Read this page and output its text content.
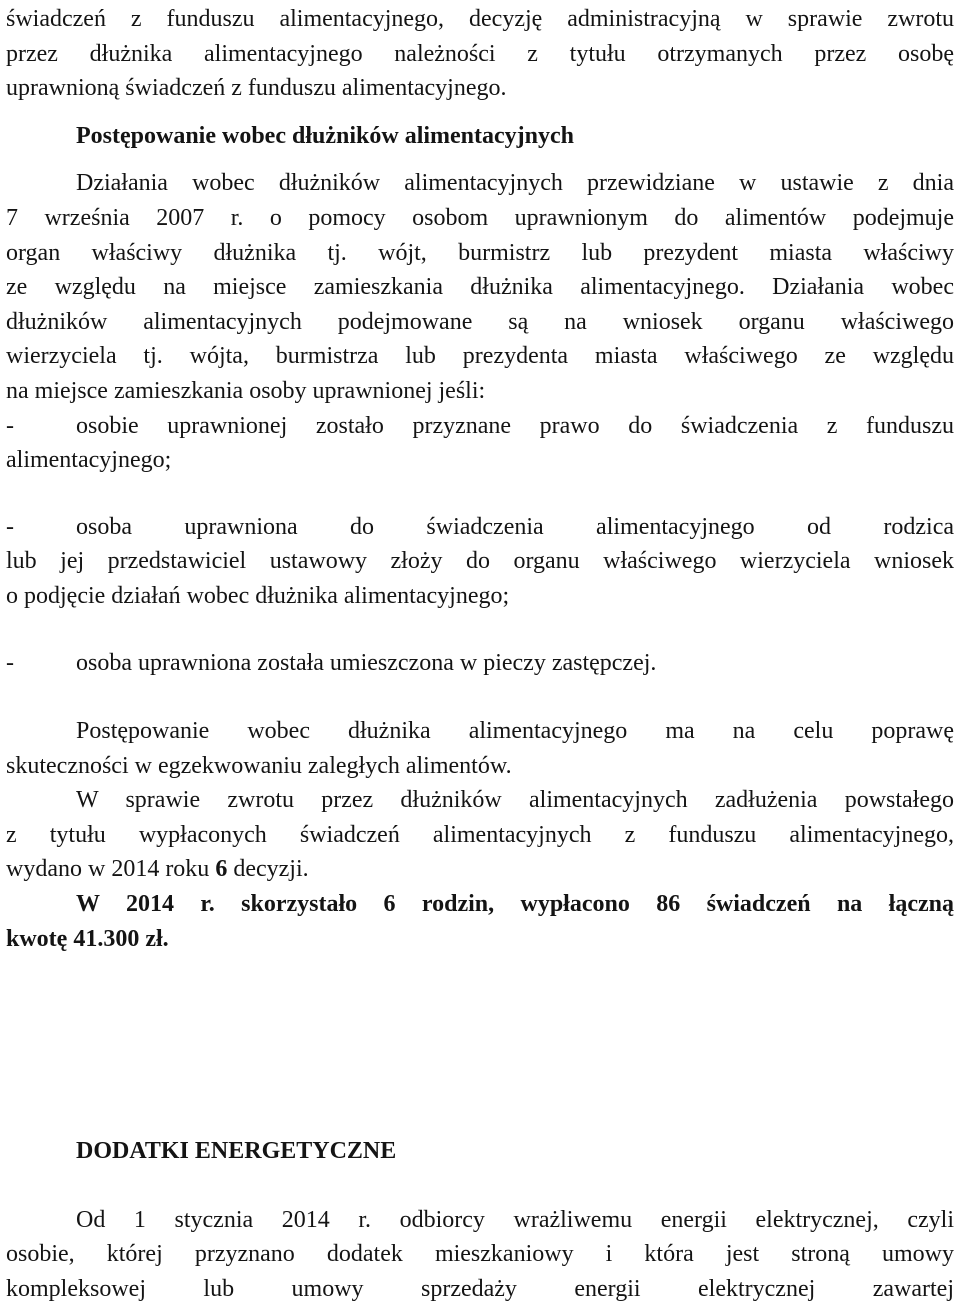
świadczeń z funduszu alimentacyjnego, decyzję administracyjną w sprawie zwrotu

przez dłużnika alimentacyjnego należności z tytułu otrzymanych przez osobę

uprawnioną świadczeń z funduszu alimentacyjnego.

Postępowanie wobec dłużników alimentacyjnych

Działania wobec dłużników alimentacyjnych przewidziane w ustawie z dnia

7 września 2007 r. o pomocy osobom uprawnionym do alimentów podejmuje

organ właściwy dłużnika tj. wójt, burmistrz lub prezydent miasta właściwy

ze względu na miejsce zamieszkania dłużnika alimentacyjnego. Działania wobec

dłużników alimentacyjnych podejmowane są na wniosek organu właściwego

wierzyciela tj. wójta, burmistrza lub prezydenta miasta właściwego ze względu

na miejsce zamieszkania osoby uprawnionej jeśli:

-	osobie uprawnionej zostało przyznane prawo do świadczenia z funduszu

alimentacyjnego;

-	osoba uprawniona do świadczenia alimentacyjnego od rodzica

lub jej przedstawiciel ustawowy złoży do organu właściwego wierzyciela wniosek

o podjęcie działań wobec dłużnika alimentacyjnego;

-	osoba uprawniona została umieszczona w pieczy zastępczej.

Postępowanie wobec dłużnika alimentacyjnego ma na celu poprawę

skuteczności w egzekwowaniu zaległych alimentów.

W sprawie zwrotu przez dłużników alimentacyjnych zadłużenia powstałego

z tytułu wypłaconych świadczeń alimentacyjnych z funduszu alimentacyjnego,

wydano w 2014 roku 6 decyzji.

W 2014 r. skorzystało 6 rodzin, wypłacono 86 świadczeń na łączną

kwotę 41.300 zł.

DODATKI ENERGETYCZNE

Od 1 stycznia 2014 r. odbiorcy wrażliwemu energii elektrycznej, czyli

osobie, której przyznano dodatek mieszkaniowy i która jest stroną umowy

kompleksowej lub umowy sprzedaży energii elektrycznej zawartej
